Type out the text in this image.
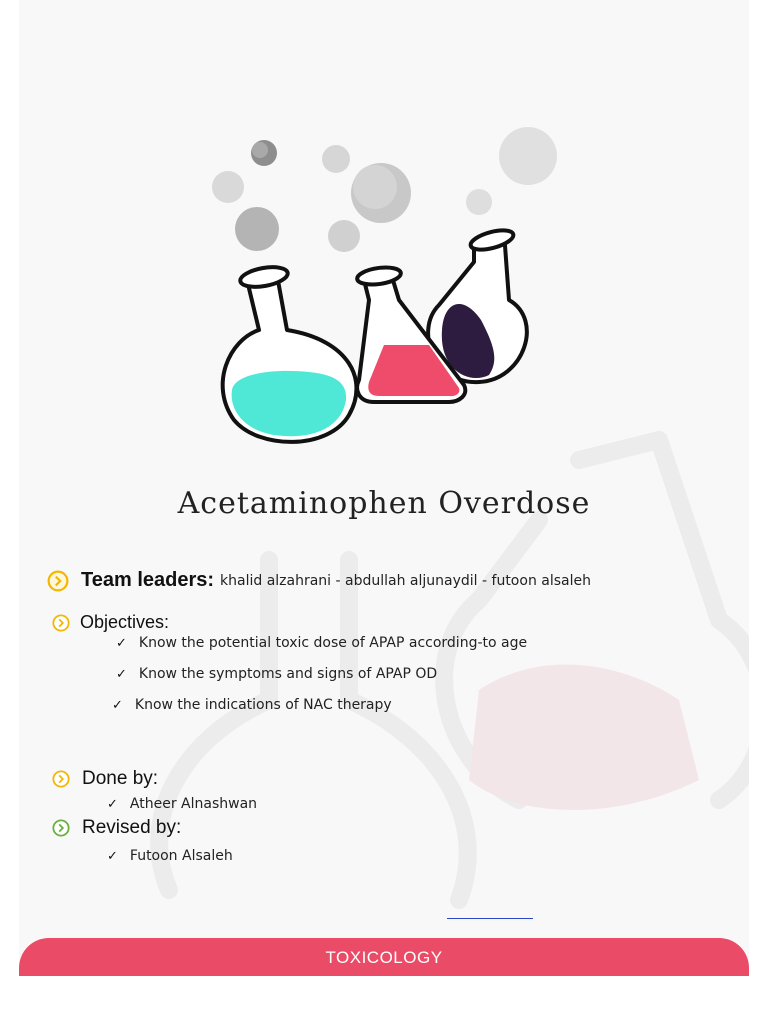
Acetaminophen Overdose
Team leaders: khalid alzahrani - abdullah aljunaydil - futoon alsaleh
Objectives:
✓ Know the potential toxic dose of APAP according-to age
✓ Know the symptoms and signs of APAP OD
✓ Know the indications of NAC therapy
Done by:
✓ Atheer Alnashwan
Revised by:
✓ Futoon Alsaleh
TOXICOLOGY
